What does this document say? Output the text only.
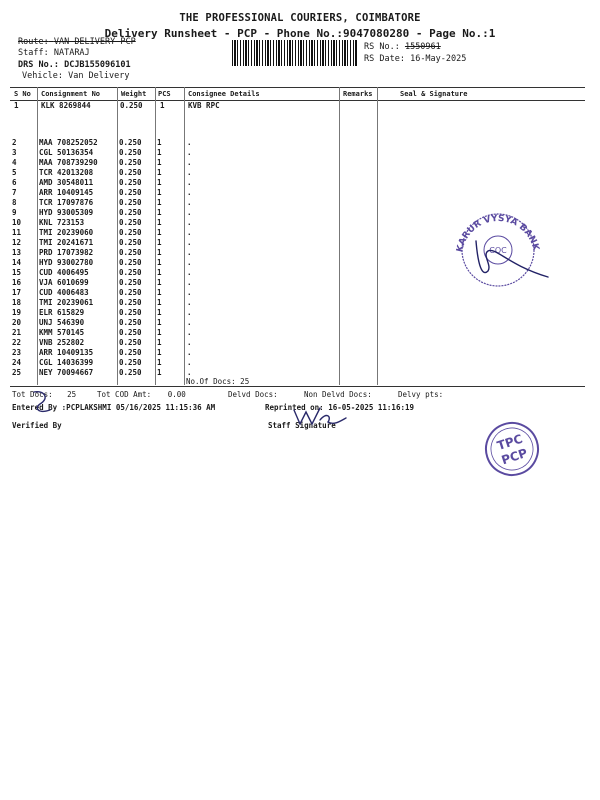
THE PROFESSIONAL COURIERS, COIMBATORE
Delivery Runsheet - PCP - Phone No.:9047080280 - Page No.:1
Route: VAN DELIVERY PCP
Staff: NATARAJ
DRS No.: DCJB155096101
Vehicle: Van Delivery
RS No.: 1550961
RS Date: 16-May-2025
S No Consignment No	Weight PCS Consignee Details	Remarks	Seal & Signature
1	KLK 8269844	0.250 1	KVB RPC
2	MAA 708252052	0.250	1	.
3	CGL 50136354	0.250	1	.
4	MAA 708739290	0.250	1	.
5	TCR 42013208	0.250	1	.
6	AMD 30548011	0.250	1	.
7	ARR 10409145	0.250	1	.
8	TCR 17097876	0.250	1	.
9	HYD 93005309	0.250	1	.
10	KNL 723153	0.250	1	.
11	TMI 20239060	0.250	1	.
12	TMI 20241671	0.250	1	.
13	PRD 17073982	0.250	1	.
14	HYD 93002780	0.250	1	.
15	CUD 4006495	0.250	1	.
16	VJA 6010699	0.250	1	.
17	CUD 4006483	0.250	1	.
18	TMI 20239061	0.250	1	.
19	ELR 615829	0.250	1	.
20	UNJ 546390	0.250	1	.
21	KMM 570145	0.250	1	.
22	VNB 252802	0.250	1	.
23	ARR 10409135	0.250	1	.
24	CGL 14036399	0.250	1	.
25	NEY 70094667	0.250	1	.
No.Of Docs: 25
Tot Docs: 25	Tot COD Amt: 0.00	Delvd Docs:	Non Delvd Docs:	Delvy pts:
Entered By :PCPLAKSHMI 05/16/2025 11:15:36 AM	Reprinted on: 16-05-2025 11:16:19
Verified By	Staff Signature
KARUR VYSYA BANK
COC
TPC
PCP
